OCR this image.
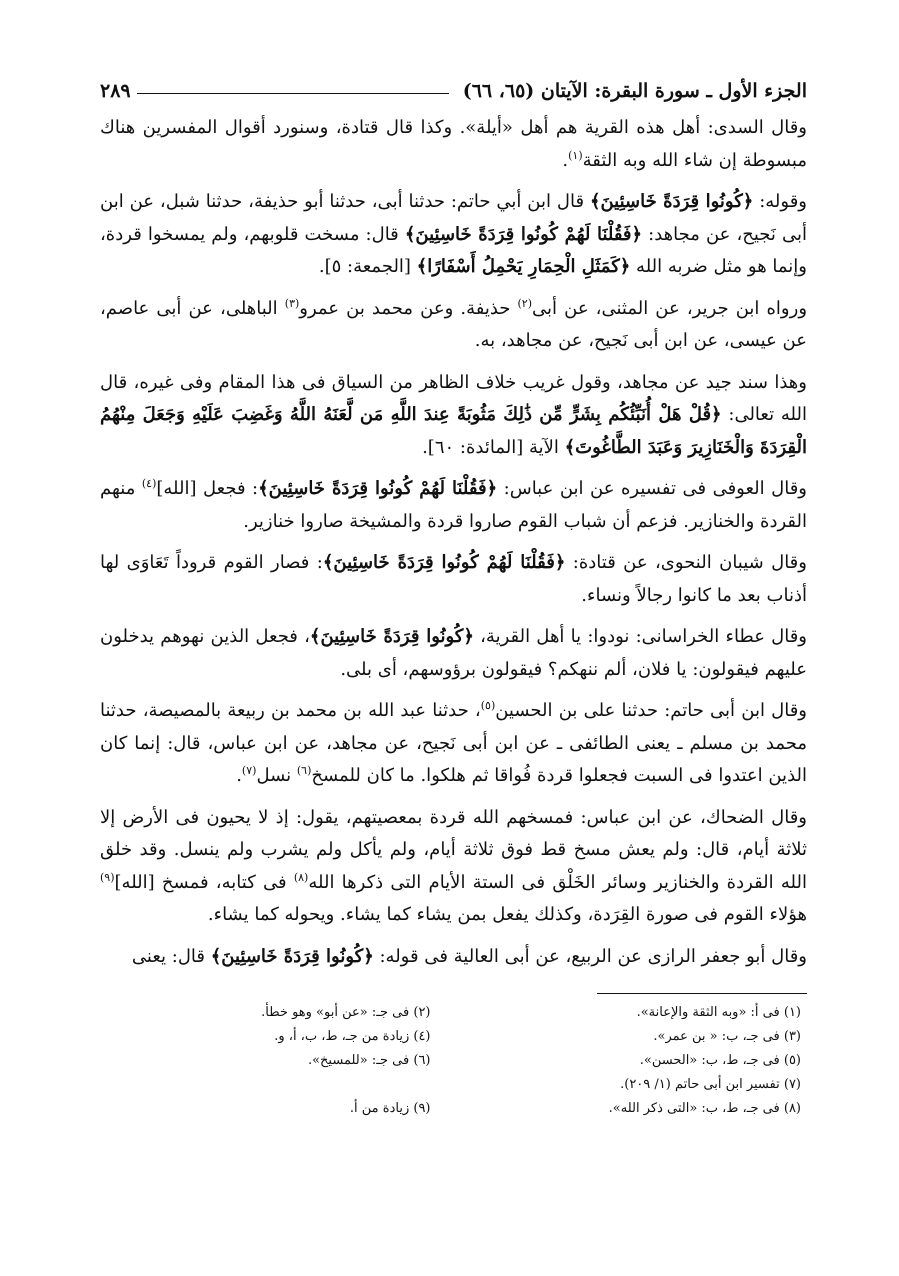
الجزء الأول ـ سورة البقرة: الآيتان (٦٥، ٦٦)
٢٨٩

وقال السدى: أهل هذه القرية هم أهل «أيلة». وكذا قال قتادة، وسنورد أقوال المفسرين هناك مبسوطة إن شاء الله وبه الثقة$^{(١)}$.

وقوله: ﴿كُونُوا قِرَدَةً خَاسِئِينَ﴾ قال ابن أبي حاتم: حدثنا أبى، حدثنا أبو حذيفة، حدثنا شبل، عن ابن أبى نَجيح، عن مجاهد: ﴿فَقُلْنَا لَهُمْ كُونُوا قِرَدَةً خَاسِئِينَ﴾ قال: مسخت قلوبهم، ولم يمسخوا قردة، وإنما هو مثل ضربه الله ﴿كَمَثَلِ الْحِمَارِ يَحْمِلُ أَسْفَارًا﴾ [الجمعة: ٥].

ورواه ابن جرير، عن المثنى، عن أبى$^{(٢)}$ حذيفة. وعن محمد بن عمرو$^{(٣)}$ الباهلى، عن أبى عاصم، عن عيسى، عن ابن أبى نَجيح، عن مجاهد، به.

وهذا سند جيد عن مجاهد، وقول غريب خلاف الظاهر من السياق فى هذا المقام وفى غيره، قال الله تعالى: ﴿قُلْ هَلْ أُنَبِّئُكُم بِشَرٍّ مِّن ذَٰلِكَ مَثُوبَةً عِندَ اللَّهِ مَن لَّعَنَهُ اللَّهُ وَغَضِبَ عَلَيْهِ وَجَعَلَ مِنْهُمُ الْقِرَدَةَ وَالْخَنَازِيرَ وَعَبَدَ الطَّاغُوتَ﴾ الآية [المائدة: ٦٠].

وقال العوفى فى تفسيره عن ابن عباس: ﴿فَقُلْنَا لَهُمْ كُونُوا قِرَدَةً خَاسِئِينَ﴾: فجعل [الله]$^{(٤)}$ منهم القردة والخنازير. فزعم أن شباب القوم صاروا قردة والمشيخة صاروا خنازير.

وقال شيبان النحوى، عن قتادة: ﴿فَقُلْنَا لَهُمْ كُونُوا قِرَدَةً خَاسِئِينَ﴾: فصار القوم قروداً تَعَاوَى لها أذناب بعد ما كانوا رجالاً ونساء.

وقال عطاء الخراسانى: نودوا: يا أهل القرية، ﴿كُونُوا قِرَدَةً خَاسِئِينَ﴾، فجعل الذين نهوهم يدخلون عليهم فيقولون: يا فلان، ألم ننهكم؟ فيقولون برؤوسهم، أى بلى.

وقال ابن أبى حاتم: حدثنا على بن الحسين$^{(٥)}$، حدثنا عبد الله بن محمد بن ربيعة بالمصيصة، حدثنا محمد بن مسلم ـ يعنى الطائفى ـ عن ابن أبى نَجيح، عن مجاهد، عن ابن عباس، قال: إنما كان الذين اعتدوا فى السبت فجعلوا قردة فُواقا ثم هلكوا. ما كان للمسخ$^{(٦)}$ نسل$^{(٧)}$.

وقال الضحاك، عن ابن عباس: فمسخهم الله قردة بمعصيتهم، يقول: إذ لا يحيون فى الأرض إلا ثلاثة أيام، قال: ولم يعش مسخ قط فوق ثلاثة أيام، ولم يأكل ولم يشرب ولم ينسل. وقد خلق الله القردة والخنازير وسائر الخَلْق فى الستة الأيام التى ذكرها الله$^{(٨)}$ فى كتابه، فمسخ [الله]$^{(٩)}$ هؤلاء القوم فى صورة القِرَدة، وكذلك يفعل بمن يشاء كما يشاء. ويحوله كما يشاء.

وقال أبو جعفر الرازى عن الربيع، عن أبى العالية فى قوله: ﴿كُونُوا قِرَدَةً خَاسِئِينَ﴾ قال: يعنى

(١) فى أ: «وبه الثقة والإعانة».
(٢) فى جـ: «عن أبو» وهو خطأ.
(٣) فى جـ، ب: « بن عمر».
(٤) زيادة من جـ، ط، ب، أ، و.
(٥) فى جـ، ط، ب: «الحسن».
(٦) فى جـ: «للمسيخ».
(٧) تفسير ابن أبى حاتم (١/ ٢٠٩).
(٨) فى جـ، ط، ب: «التى ذكر الله».
(٩) زيادة من أ.
